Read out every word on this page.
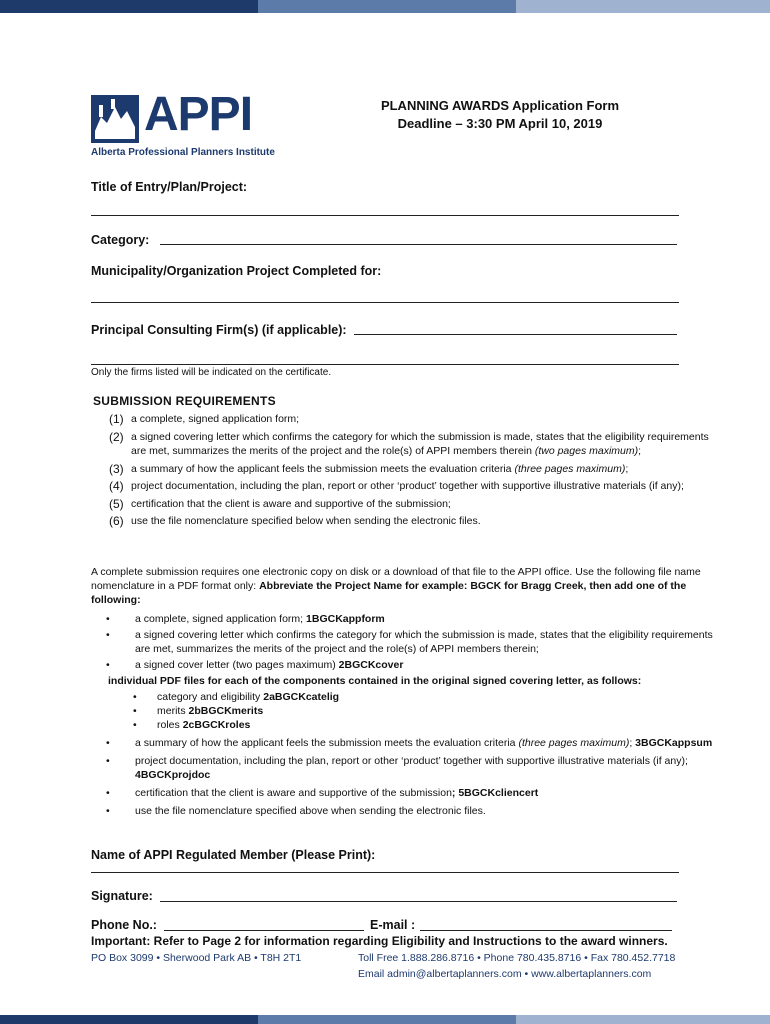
APPI
Alberta Professional Planners Institute
PLANNING AWARDS Application Form
Deadline – 3:30 PM April 10, 2019
Title of Entry/Plan/Project:
Category:
Municipality/Organization Project Completed for:
Principal Consulting Firm(s) (if applicable):
Only the firms listed will be indicated on the certificate.
SUBMISSION REQUIREMENTS
(1) a complete, signed application form;
(2) a signed covering letter which confirms the category for which the submission is made, states that the eligibility requirements are met, summarizes the merits of the project and the role(s) of APPI members therein (two pages maximum);
(3) a summary of how the applicant feels the submission meets the evaluation criteria (three pages maximum);
(4) project documentation, including the plan, report or other ‘product’ together with supportive illustrative materials (if any);
(5) certification that the client is aware and supportive of the submission;
(6) use the file nomenclature specified below when sending the electronic files.
A complete submission requires one electronic copy on disk or a download of that file to the APPI office. Use the following file name nomenclature in a PDF format only: Abbreviate the Project Name for example: BGCK for Bragg Creek, then add one of the following:
•	a complete, signed application form; 1BGCKappform
•	a signed covering letter which confirms the category for which the submission is made, states that the eligibility requirements are met, summarizes the merits of the project and the role(s) of APPI members therein;
•	a signed cover letter (two pages maximum) 2BGCKcover
individual PDF files for each of the components contained in the original signed covering letter, as follows:
•	category and eligibility 2aBGCKcatelig
•	merits 2bBGCKmerits
•	roles 2cBGCKroles
•	a summary of how the applicant feels the submission meets the evaluation criteria (three pages maximum); 3BGCKappsum
•	project documentation, including the plan, report or other ‘product’ together with supportive illustrative materials (if any); 4BGCKprojdoc
•	certification that the client is aware and supportive of the submission; 5BGCKcliencert
•	use the file nomenclature specified above when sending the electronic files.
Name of APPI Regulated Member (Please Print):
Signature:
Phone No.:	E-mail :
Important: Refer to Page 2 for information regarding Eligibility and Instructions to the award winners.
PO Box 3099 • Sherwood Park AB • T8H 2T1	Toll Free 1.888.286.8716 • Phone 780.435.8716 • Fax 780.452.7718
Email admin@albertaplanners.com • www.albertaplanners.com
